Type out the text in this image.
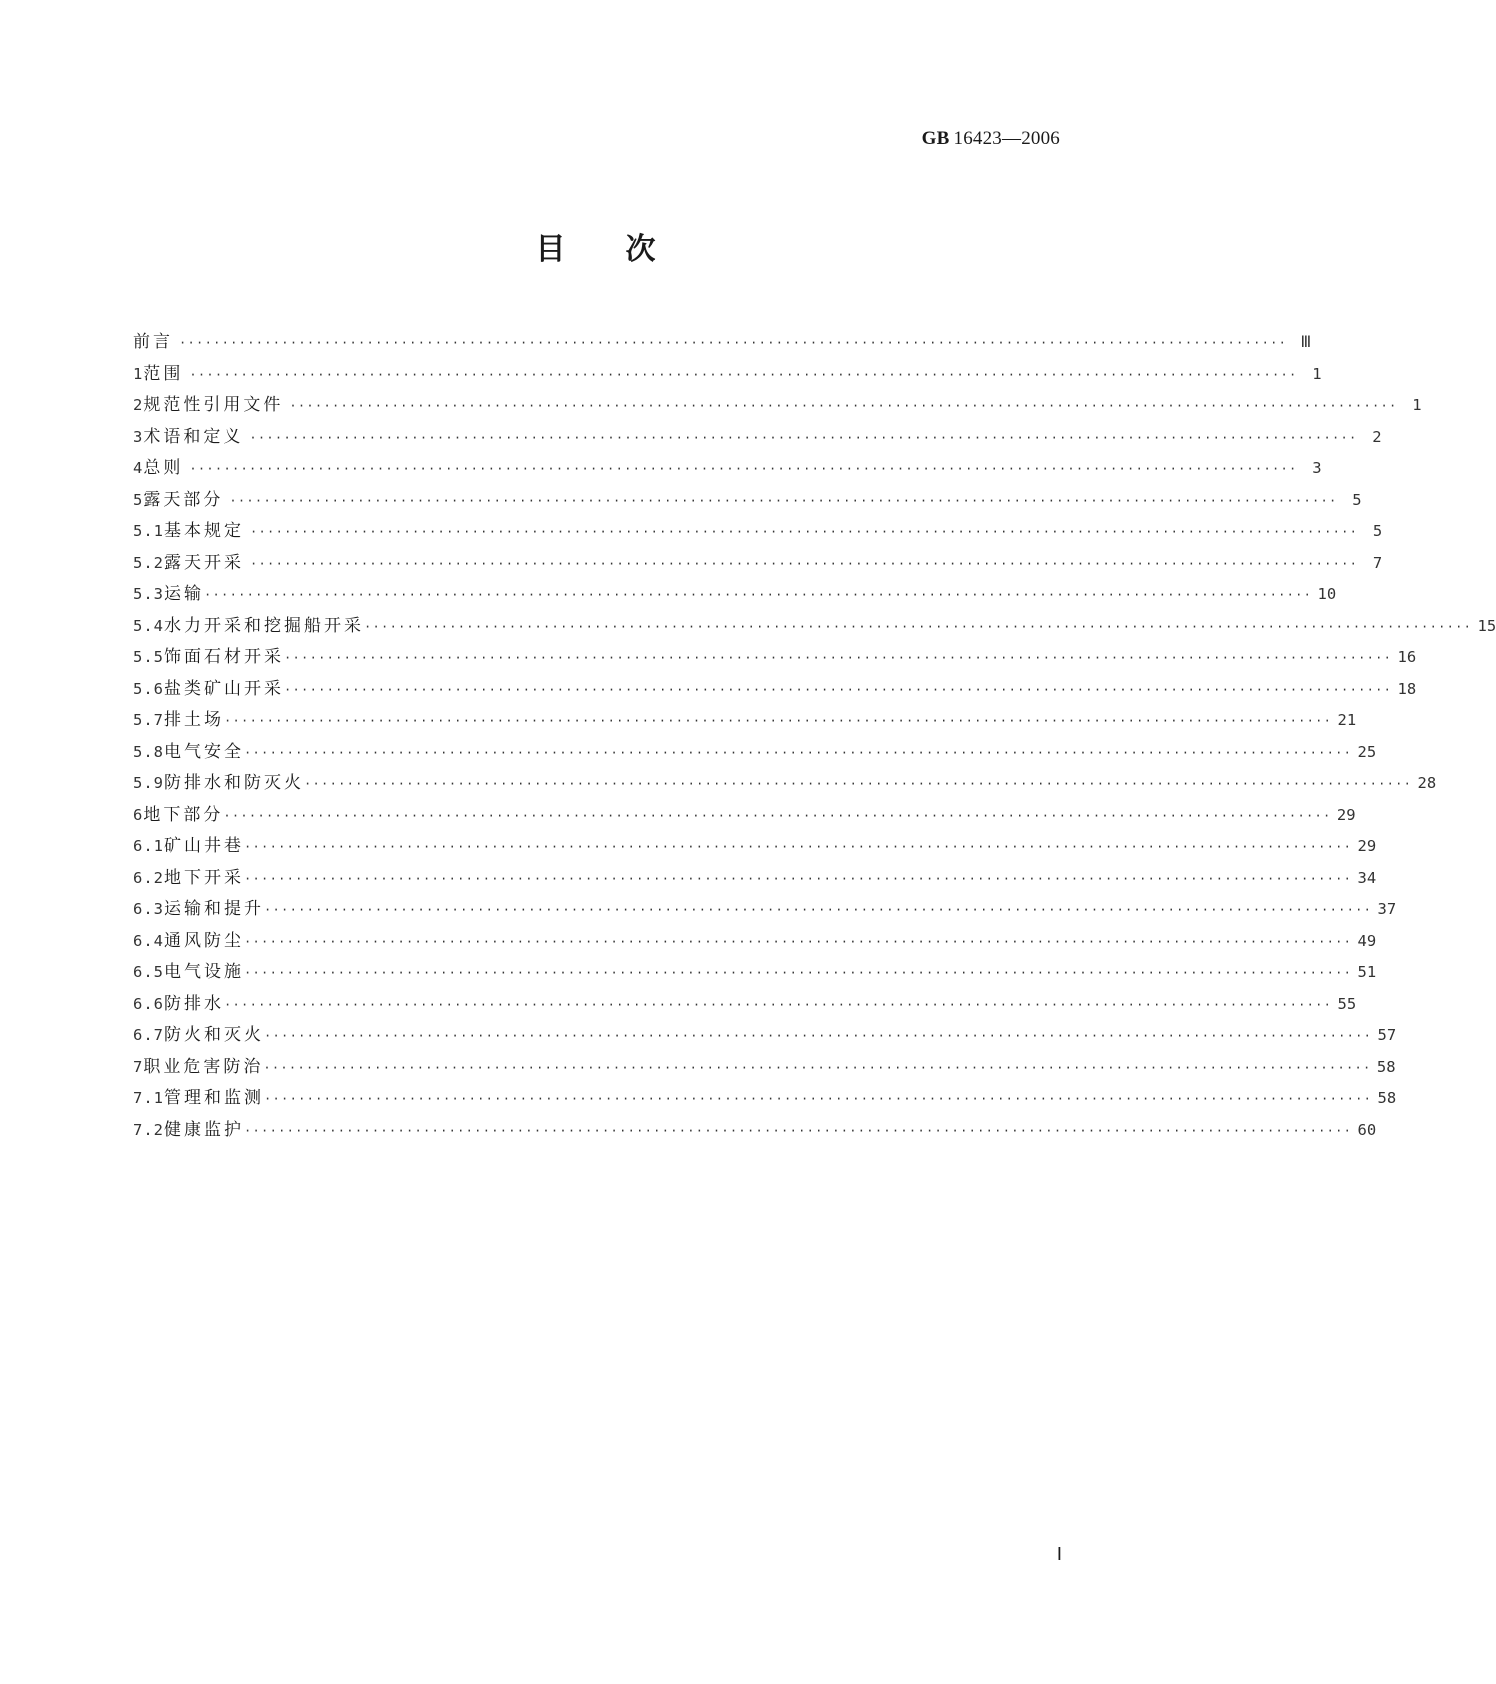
GB 16423—2006
目次
前言 ·································································································································· Ⅲ
1 范围 ·································································································································· 1
2 规范性引用文件 ·································································································································· 1
3 术语和定义 ·································································································································· 2
4 总则 ·································································································································· 3
5 露天部分 ·································································································································· 5
5.1 基本规定 ·································································································································· 5
5.2 露天开采 ·································································································································· 7
5.3 运输 ·································································································································· 10
5.4 水力开采和挖掘船开采 ·································································································································· 15
5.5 饰面石材开采 ·································································································································· 16
5.6 盐类矿山开采 ·································································································································· 18
5.7 排土场 ·································································································································· 21
5.8 电气安全 ·································································································································· 25
5.9 防排水和防灭火 ·································································································································· 28
6 地下部分 ·································································································································· 29
6.1 矿山井巷 ·································································································································· 29
6.2 地下开采 ·································································································································· 34
6.3 运输和提升 ·································································································································· 37
6.4 通风防尘 ·································································································································· 49
6.5 电气设施 ·································································································································· 51
6.6 防排水 ·································································································································· 55
6.7 防火和灭火 ·································································································································· 57
7 职业危害防治 ·································································································································· 58
7.1 管理和监测 ·································································································································· 58
7.2 健康监护 ·································································································································· 60
Ⅰ
